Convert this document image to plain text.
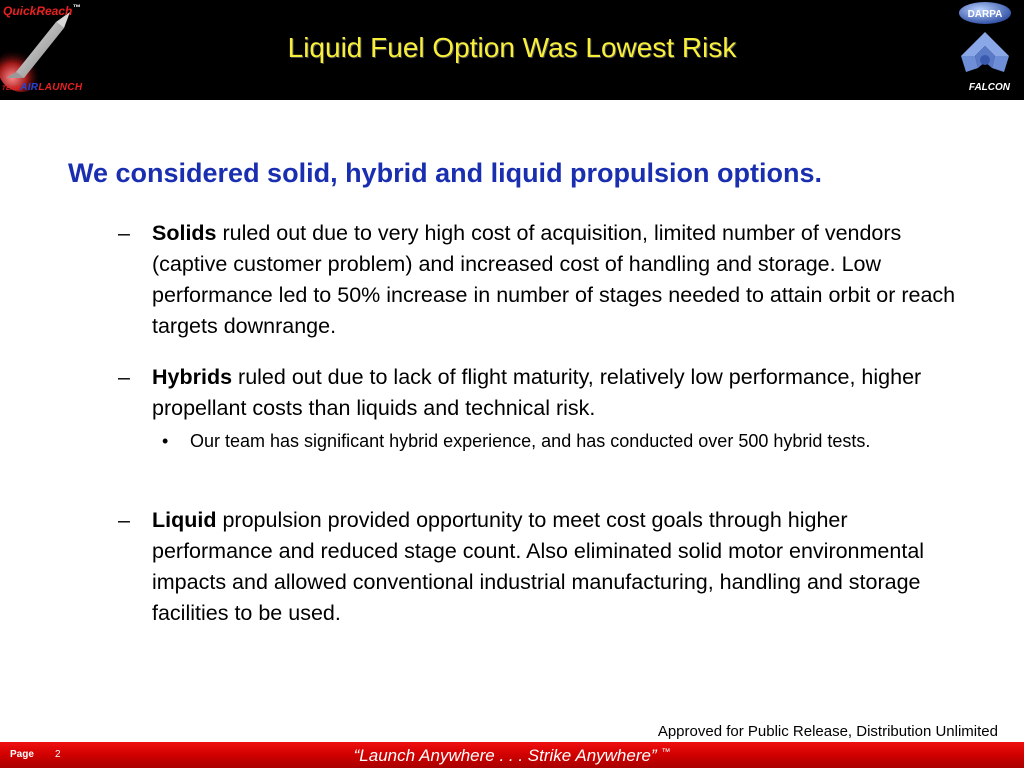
QuickReach™
TEAMAIRLAUNCH
Liquid Fuel Option Was Lowest Risk
DARPA
FALCON
We considered solid, hybrid and liquid propulsion options.
–	Solids ruled out due to very high cost of acquisition, limited number of vendors (captive customer problem) and increased cost of handling and storage. Low performance led to 50% increase in number of stages needed to attain orbit or reach targets downrange.
–	Hybrids ruled out due to lack of flight maturity, relatively low performance, higher propellant costs than liquids and technical risk.
• Our team has significant hybrid experience, and has conducted over 500 hybrid tests.
–	Liquid propulsion provided opportunity to meet cost goals through higher performance and reduced stage count. Also eliminated solid motor environmental impacts and allowed conventional industrial manufacturing, handling and storage facilities to be used.
Approved for Public Release, Distribution Unlimited
Page 2	“Launch Anywhere . . . Strike Anywhere” ™
